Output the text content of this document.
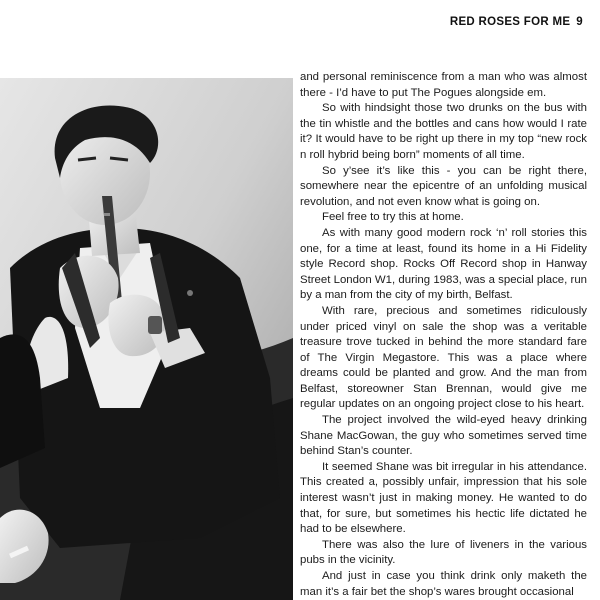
RED ROSES FOR ME 9

and personal reminiscence from a man who was almost there - I’d have to put The Pogues alongside em.

So with hindsight those two drunks on the bus with the tin whistle and the bottles and cans how would I rate it? It would have to be right up there in my top “new rock n roll hybrid being born” moments of all time.

So y’see it’s like this - you can be right there, somewhere near the epicentre of an unfolding musical revolution, and not even know what is going on.

Feel free to try this at home.

As with many good modern rock ‘n’ roll stories this one, for a time at least, found its home in a Hi Fidelity style Record shop. Rocks Off Record shop in Hanway Street London W1, during 1983, was a special place, run by a man from the city of my birth, Belfast.

With rare, precious and sometimes ridiculously under priced vinyl on sale the shop was a veritable treasure trove tucked in behind the more standard fare of The Virgin Megastore. This was a place where dreams could be planted and grow. And the man from Belfast, storeowner Stan Brennan, would give me regular updates on an ongoing project close to his heart.

The project involved the wild-eyed heavy drinking Shane MacGowan, the guy who sometimes served time behind Stan’s counter.

It seemed Shane was bit irregular in his attendance. This created a, possibly unfair, impression that his sole interest wasn’t just in making money. He wanted to do that, for sure, but sometimes his hectic life dictated he had to be elsewhere.

There was also the lure of liveners in the various pubs in the vicinity.

And just in case you think drink only maketh the man it’s a fair bet the shop’s wares brought occasional
